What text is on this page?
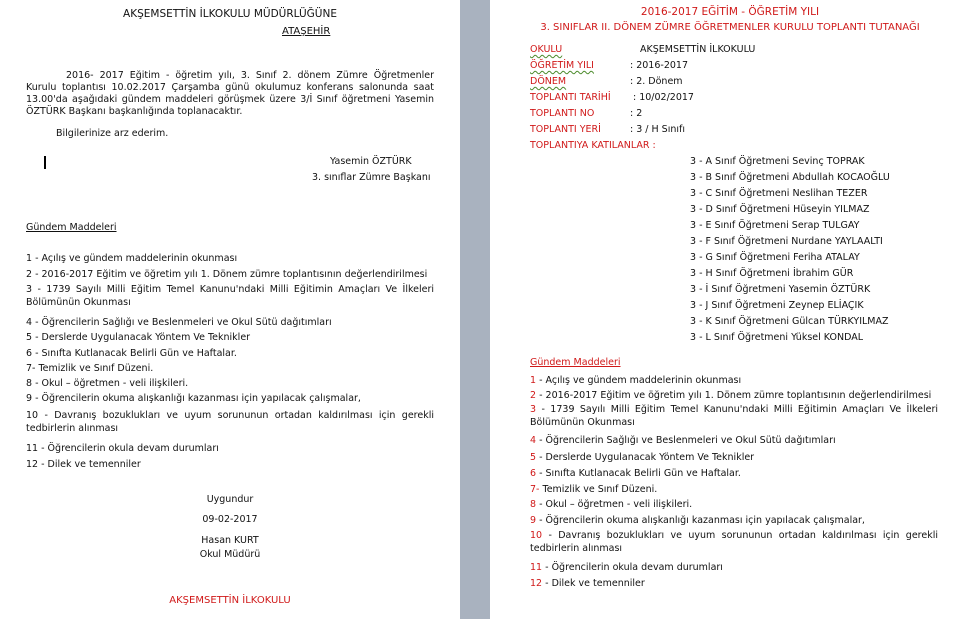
AKŞEMSETTİN İLKOKULU MÜDÜRLÜĞÜNE
ATAŞEHİR
2016- 2017 Eğitim - öğretim yılı, 3. Sınıf 2. dönem Zümre Öğretmenler Kurulu toplantısı 10.02.2017 Çarşamba günü okulumuz konferans salonunda saat 13.00'da aşağıdaki gündem maddeleri görüşmek üzere 3/İ Sınıf öğretmeni Yasemin ÖZTÜRK Başkanı başkanlığında toplanacaktır.
Bilgilerinize arz ederim.
Yasemin ÖZTÜRK
3. sınıflar Zümre Başkanı
Gündem Maddeleri
1 - Açılış ve gündem maddelerinin okunması
2 - 2016-2017 Eğitim ve öğretim yılı 1. Dönem zümre toplantısının değerlendirilmesi
3 - 1739 Sayılı Milli Eğitim Temel Kanunu'ndaki Milli Eğitimin Amaçları Ve İlkeleri Bölümünün Okunması
4 - Öğrencilerin Sağlığı ve Beslenmeleri ve Okul Sütü dağıtımları
5 - Derslerde Uygulanacak Yöntem Ve Teknikler
6 - Sınıfta Kutlanacak Belirli Gün ve Haftalar.
7- Temizlik ve Sınıf Düzeni.
8 - Okul – öğretmen - veli ilişkileri.
9 - Öğrencilerin okuma alışkanlığı kazanması için yapılacak çalışmalar,
10 - Davranış bozuklukları ve uyum sorununun ortadan kaldırılması için gerekli tedbirlerin alınması
11 - Öğrencilerin okula devam durumları
12 - Dilek ve temenniler
Uygundur
09-02-2017
Hasan KURT
Okul Müdürü
AKŞEMSETTİN İLKOKULU
2016-2017 EĞİTİM - ÖĞRETİM YILI
3. SINIFLAR II. DÖNEM ZÜMRE ÖĞRETMENLER KURULU TOPLANTI TUTANAĞI
OKULU	AKŞEMSETTİN İLKOKULU
ÖĞRETİM YILI	: 2016-2017
DÖNEM	: 2. Dönem
TOPLANTI TARİHİ : 10/02/2017
TOPLANTI NO	: 2
TOPLANTI YERİ	: 3 / H Sınıfı
TOPLANTIYA KATILANLAR :
3 - A Sınıf Öğretmeni Sevinç TOPRAK
3 - B Sınıf Öğretmeni Abdullah KOCAOĞLU
3 - C Sınıf Öğretmeni Neslihan TEZER
3 - D Sınıf Öğretmeni Hüseyin YILMAZ
3 - E Sınıf Öğretmeni Serap TULGAY
3 - F Sınıf Öğretmeni Nurdane YAYLAALTI
3 - G Sınıf Öğretmeni Feriha ATALAY
3 - H Sınıf Öğretmeni İbrahim GÜR
3 - İ Sınıf Öğretmeni Yasemin ÖZTÜRK
3 - J Sınıf Öğretmeni Zeynep ELİAÇIK
3 - K Sınıf Öğretmeni Gülcan TÜRKYILMAZ
3 - L Sınıf Öğretmeni Yüksel KONDAL
Gündem Maddeleri
1 - Açılış ve gündem maddelerinin okunması
2 - 2016-2017 Eğitim ve öğretim yılı 1. Dönem zümre toplantısının değerlendirilmesi
3 - 1739 Sayılı Milli Eğitim Temel Kanunu'ndaki Milli Eğitimin Amaçları Ve İlkeleri Bölümünün Okunması
4 - Öğrencilerin Sağlığı ve Beslenmeleri ve Okul Sütü dağıtımları
5 - Derslerde Uygulanacak Yöntem Ve Teknikler
6 - Sınıfta Kutlanacak Belirli Gün ve Haftalar.
7- Temizlik ve Sınıf Düzeni.
8 - Okul – öğretmen - veli ilişkileri.
9 - Öğrencilerin okuma alışkanlığı kazanması için yapılacak çalışmalar,
10 - Davranış bozuklukları ve uyum sorununun ortadan kaldırılması için gerekli tedbirlerin alınması
11 - Öğrencilerin okula devam durumları
12 - Dilek ve temenniler
